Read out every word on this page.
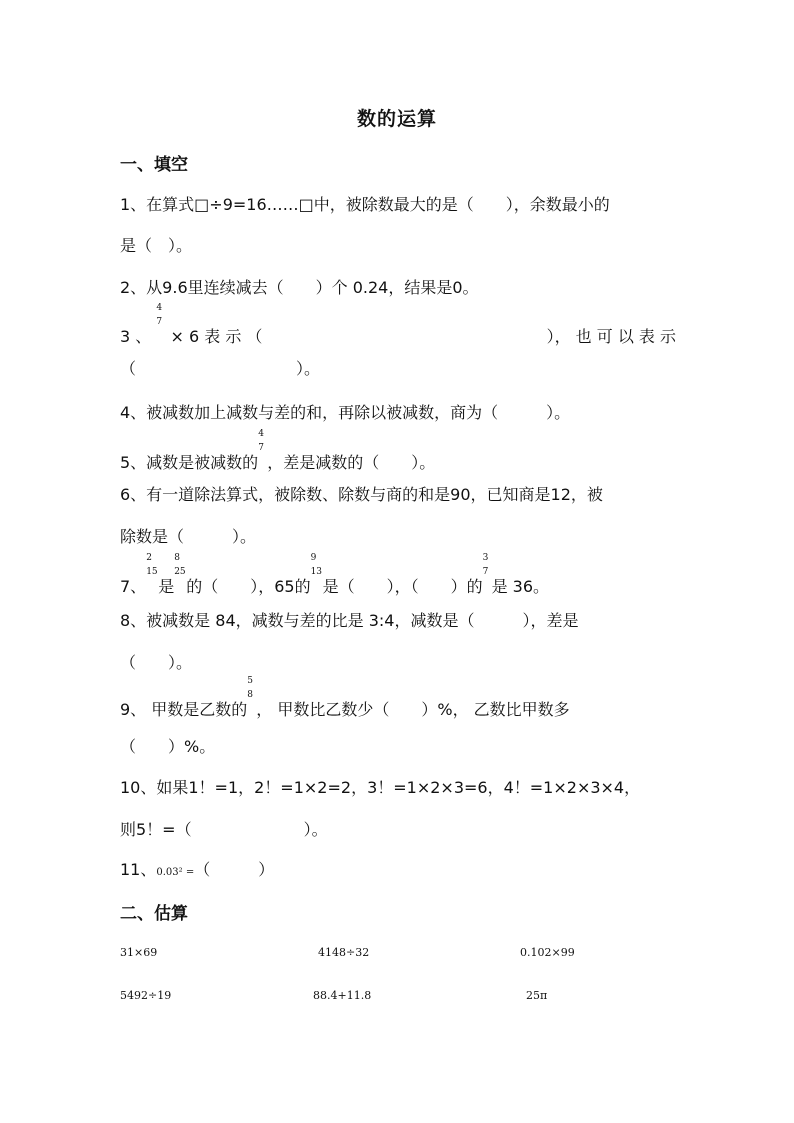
数的运算
一、填空
1、在算式□÷9=16……□中，被除数最大的是（　　），余数最小的
是（　）。
2、从9.6里连续减去（　　）个 0.24，结果是0。
3 、
4
7
× 6 表 示 （	）， 也 可 以 表 示
（　　　　　　　　　　）。
4、被减数加上减数与差的和，再除以被减数，商为（　　　）。
5、减数是被减数的
4
7
，差是减数的（　　）。
6、有一道除法算式，被除数、除数与商的和是90，已知商是12，被
除数是（　　　）。
7、
2
15
是
8
25
的（　　），65的
9
13
是（　　），（　　）的
3
7
是 36。
8、被减数是 84，减数与差的比是 3:4，减数是（　　　），差是
（　　）。
9、 甲数是乙数的
5
8
， 甲数比乙数少（　　）%， 乙数比甲数多
（　　）%。
10、如果1！=1，2！=1×2=2，3！=1×2×3=6，4！=1×2×3×4，
则5！=（　　　　　　　）。
11、0.03² =（　　　）
二、估算
31×69	4148÷32	0.102×99
5492÷19	88.4+11.8	25π
